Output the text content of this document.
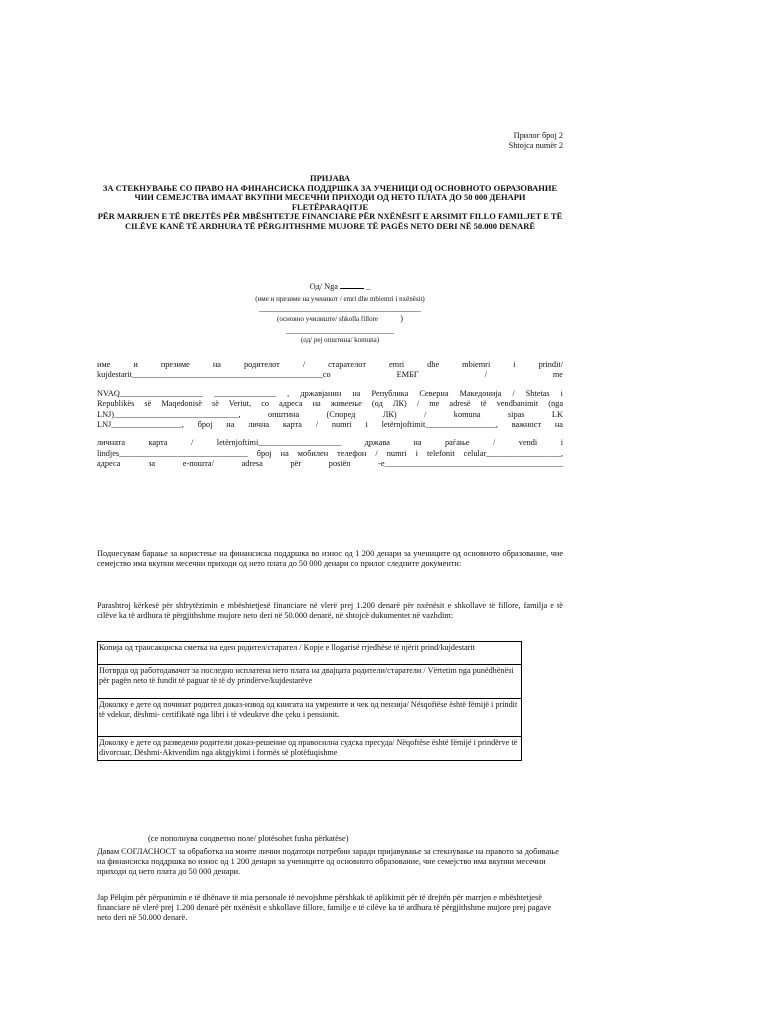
Прилог број 2
Shtojca numër 2
ПРИЈАВА
ЗА СТЕКНУВАЊЕ СО ПРАВО НА ФИНАНСИСКА ПОДДРШКА ЗА УЧЕНИЦИ ОД ОСНОВНОТО ОБРАЗОВАНИЕ ЧИИ СЕМЕЈСТВА ИМААТ ВКУПНИ МЕСЕЧНИ ПРИХОДИ ОД НЕТО ПЛАТА ДО 50 000 ДЕНАРИ
FLETËPARAQITJE
PËR MARRJEN E TË DREJTËS PËR MBËSHTETJE FINANCIARE PËR NXËNËSIT E ARSIMIT FILLO FAMILJET E TË CILËVE KANË TË ARDHURA TË PËRGJITHSHME MUJORE TË PAGËS NETO DERI NË 50.000 DENARË
Од/ Nga	_
(име и презиме на ученикот / emri dhe mbiemri i nxënësit)
_______________________________________
(основно училиште/ shkolla fillore	)
__________________________
(од/ реј општина/ komuna)
име и презиме на родителот / старателот emri dhe mbiemri i prindit/
kujdestarit______________________________________________со ЕМБГ / me
NVAQ____________________ _______________ , државјанин на Република Северна Македонија / Shtetas i
Republikës së Maqedonisë së Veriut, со адреса на живеење (од ЛК) / me adresë të vendbanimit (nga
LNJ)______________________________, општина (Според ЛК) / komuna sipas LK
LNJ_________________, број на лична карта / numri i letërnjoftimit_________________, важност на
личната карта / letërnjoftimi____________________ држава на раѓање / vendi i
lindjes_______________________________ број на мобилен телефон / numri i telefonit celular__________________,
адреса за е-пошта/ adresa për postën -e___________________________________________
Поднесувам барање за користење на финансиска поддршка во износ од 1 200 денари за учениците од основното образование, чие семејство има вкупни месечни приходи од нето плата до 50 000 денари со прилог следните документи:
Parashtroj kërkesë për shfrytëzimin e mbështetjesë financiare në vlerë prej 1.200 denarë për nxënësit e shkollave të fillore, familja e të cilëve ka të ardhura të përgjithshme mujore neto deri në 50.000 denarë, në shtojcë dukumentet në vazhdim:
Копија од трансакциска сметка на еден родител/старател / Kopje e llogarisë rrjedhëse të njërit prind/kujdestarit
Потврда од работодавачот за последно исплатена нето плата на двајцата родители/старатели / Vërtetim nga punëdhënësi për pagën neto të fundit të paguar të të dy prindërve/kujdestarëve
Доколку е дете од починат родител доказ-извод од книгата на умрените и чек од пензија/ Nësqoftëse është fëmijë i prindit të vdekur, dëshmi- certifikatë nga libri i të vdeukrve dhe çeku i pensionit.
Доколку е дете од разведени родители доказ-решение од правосилна судска пресуда/ Nëqoftëse është fëmijë i prindërve të divorcuar, Dëshmi-Aktvendim nga aktgjykimi i formës së plotëfuqishme
(се пополнува соодветно поле/ plotësohet fusha përkatëse)
Давам СОГЛАСНОСТ за обработка на моите лични податоци потребни заради пријавување за стекнување на правото за добивање на финансиска поддршка во износ од 1 200 денари за учениците од основното образование, чие семејство има вкупни месечни приходи од нето плата до 50 000 денари.
Jap Pëlqim për përpunimin e të dhënave të mia personale të nevojshme përshkak të aplikimit për të drejtën për marrjen e mbështetjesë financiare në vlerë prej 1.200 denarë për nxënësit e shkollave fillore, familje e të cilëve ka të ardhura të përgjithshme mujore prej pagave neto deri në 50.000 denarë.
